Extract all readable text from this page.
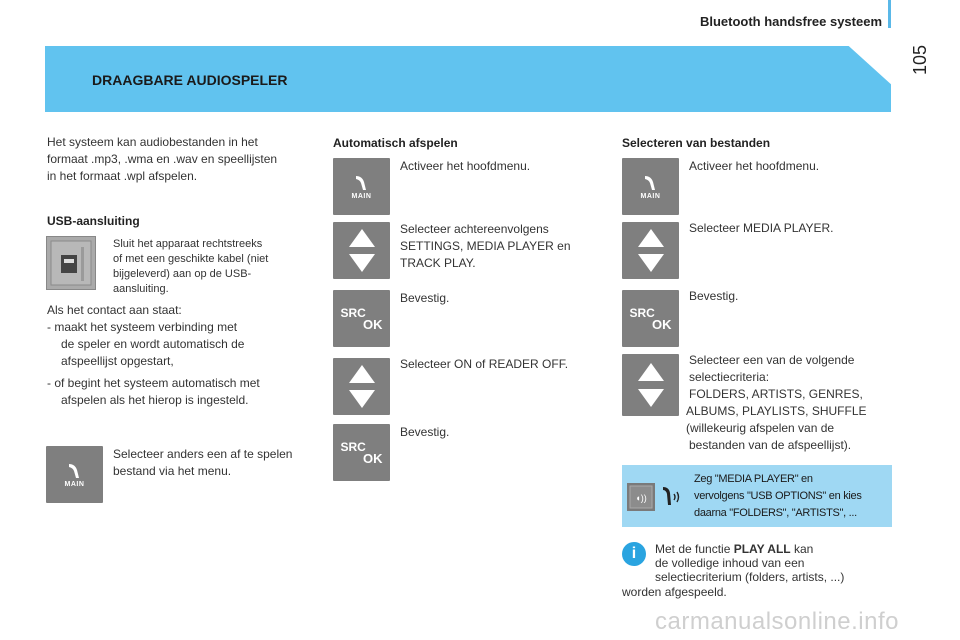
Bluetooth handsfree systeem
105
DRAAGBARE AUDIOSPELER
Het systeem kan audiobestanden in het
formaat .mp3, .wma en .wav en speellijsten
in het formaat .wpl afspelen.
USB-aansluiting
Sluit het apparaat rechtstreeks
of met een geschikte kabel (niet
bijgeleverd) aan op de USB-
aansluiting.
Als het contact aan staat:
- maakt het systeem verbinding met
de speler en wordt automatisch de
afspeellijst opgestart,
- of begint het systeem automatisch met
afspelen als het hierop is ingesteld.
MAIN
Selecteer anders een af te spelen
bestand via het menu.
Automatisch afspelen
MAIN
Activeer het hoofdmenu.
Selecteer achtereenvolgens
SETTINGS, MEDIA PLAYER en
TRACK PLAY.
SRC
OK
Bevestig.
Selecteer ON of READER OFF.
SRC
OK
Bevestig.
Selecteren van bestanden
MAIN
Activeer het hoofdmenu.
Selecteer MEDIA PLAYER.
SRC
OK
Bevestig.
Selecteer een van de volgende
selectiecriteria:
FOLDERS, ARTISTS, GENRES,
ALBUMS, PLAYLISTS, SHUFFLE
(willekeurig afspelen van de
bestanden van de afspeellijst).
◖))
Zeg "MEDIA PLAYER" en
vervolgens "USB OPTIONS" en kies
daarna "FOLDERS", "ARTISTS", ...
i	Met de functie PLAY ALL kan
de volledige inhoud van een
selectiecriterium (folders, artists, ...)
worden afgespeeld.
carmanualsonline.info
